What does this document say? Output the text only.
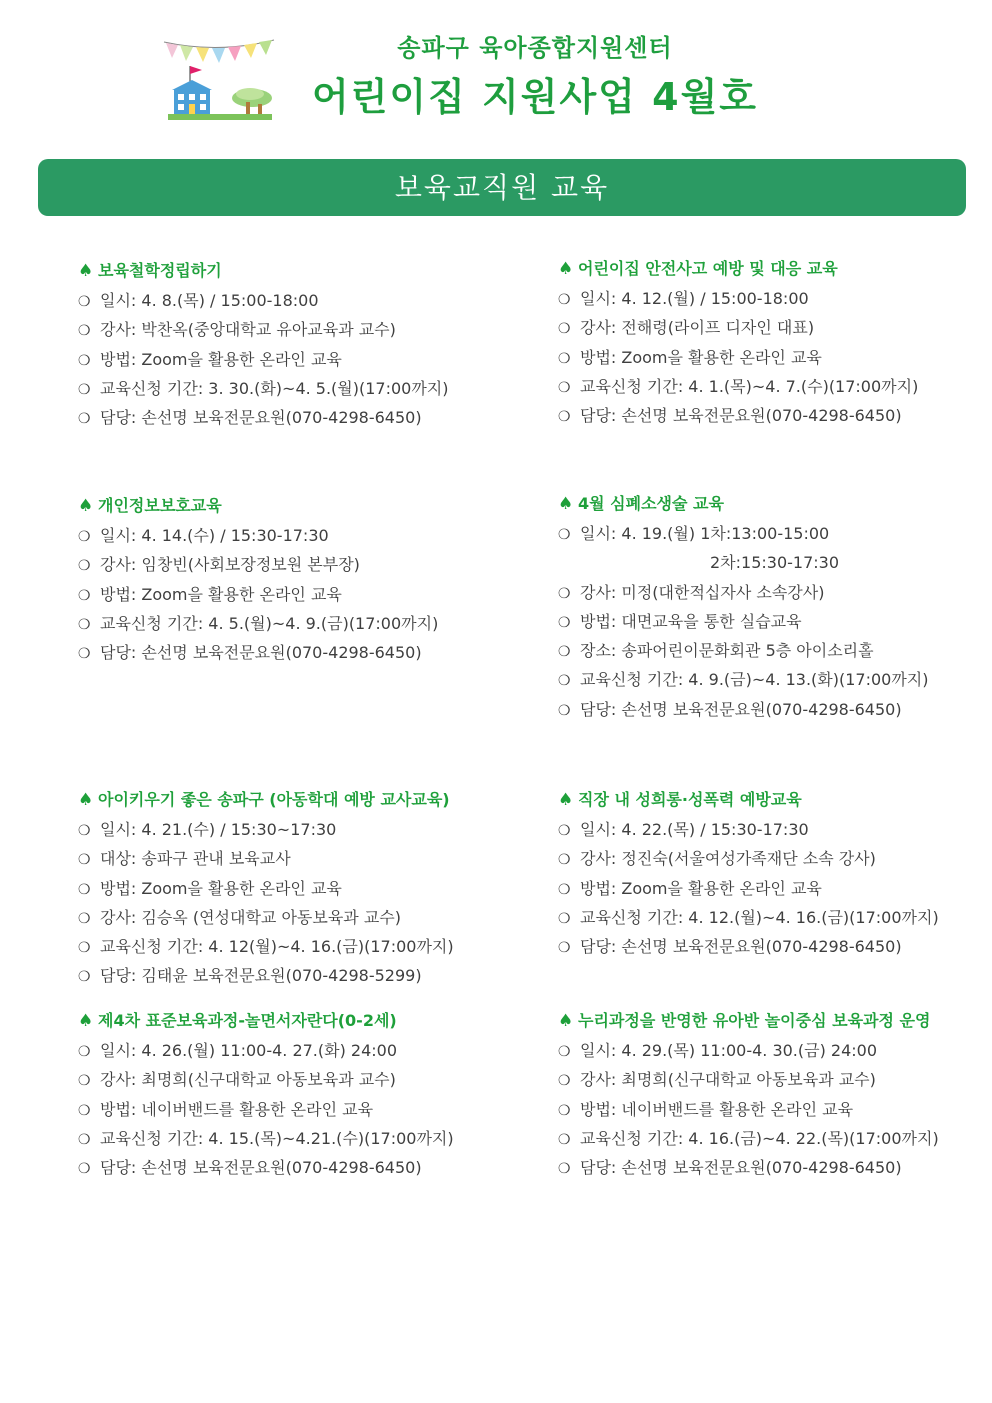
송파구 육아종합지원센터
어린이집 지원사업 4월호
보육교직원 교육
♠ 보육철학정립하기
❍ 일시: 4. 8.(목) / 15:00-18:00
❍ 강사: 박찬옥(중앙대학교 유아교육과 교수)
❍ 방법: Zoom을 활용한 온라인 교육
❍ 교육신청 기간: 3. 30.(화)~4. 5.(월)(17:00까지)
❍ 담당: 손선명 보육전문요원(070-4298-6450)
♠ 어린이집 안전사고 예방 및 대응 교육
❍ 일시: 4. 12.(월) / 15:00-18:00
❍ 강사: 전해령(라이프 디자인 대표)
❍ 방법: Zoom을 활용한 온라인 교육
❍ 교육신청 기간: 4. 1.(목)~4. 7.(수)(17:00까지)
❍ 담당: 손선명 보육전문요원(070-4298-6450)
♠ 개인정보보호교육
❍ 일시: 4. 14.(수) / 15:30-17:30
❍ 강사: 임창빈(사회보장정보원 본부장)
❍ 방법: Zoom을 활용한 온라인 교육
❍ 교육신청 기간: 4. 5.(월)~4. 9.(금)(17:00까지)
❍ 담당: 손선명 보육전문요원(070-4298-6450)
♠ 4월 심폐소생술 교육
❍ 일시: 4. 19.(월) 1차:13:00-15:00
2차:15:30-17:30
❍ 강사: 미정(대한적십자사 소속강사)
❍ 방법: 대면교육을 통한 실습교육
❍ 장소: 송파어린이문화회관 5층 아이소리홀
❍ 교육신청 기간: 4. 9.(금)~4. 13.(화)(17:00까지)
❍ 담당: 손선명 보육전문요원(070-4298-6450)
♠ 아이키우기 좋은 송파구 (아동학대 예방 교사교육)
❍ 일시: 4. 21.(수) / 15:30~17:30
❍ 대상: 송파구 관내 보육교사
❍ 방법: Zoom을 활용한 온라인 교육
❍ 강사: 김승옥 (연성대학교 아동보육과 교수)
❍ 교육신청 기간: 4. 12(월)~4. 16.(금)(17:00까지)
❍ 담당: 김태윤 보육전문요원(070-4298-5299)
♠ 직장 내 성희롱·성폭력 예방교육
❍ 일시: 4. 22.(목) / 15:30-17:30
❍ 강사: 정진숙(서울여성가족재단 소속 강사)
❍ 방법: Zoom을 활용한 온라인 교육
❍ 교육신청 기간: 4. 12.(월)~4. 16.(금)(17:00까지)
❍ 담당: 손선명 보육전문요원(070-4298-6450)
♠ 제4차 표준보육과정-놀면서자란다(0-2세)
❍ 일시: 4. 26.(월) 11:00-4. 27.(화) 24:00
❍ 강사: 최명희(신구대학교 아동보육과 교수)
❍ 방법: 네이버밴드를 활용한 온라인 교육
❍ 교육신청 기간: 4. 15.(목)~4.21.(수)(17:00까지)
❍ 담당: 손선명 보육전문요원(070-4298-6450)
♠ 누리과정을 반영한 유아반 놀이중심 보육과정 운영
❍ 일시: 4. 29.(목) 11:00-4. 30.(금) 24:00
❍ 강사: 최명희(신구대학교 아동보육과 교수)
❍ 방법: 네이버밴드를 활용한 온라인 교육
❍ 교육신청 기간: 4. 16.(금)~4. 22.(목)(17:00까지)
❍ 담당: 손선명 보육전문요원(070-4298-6450)
